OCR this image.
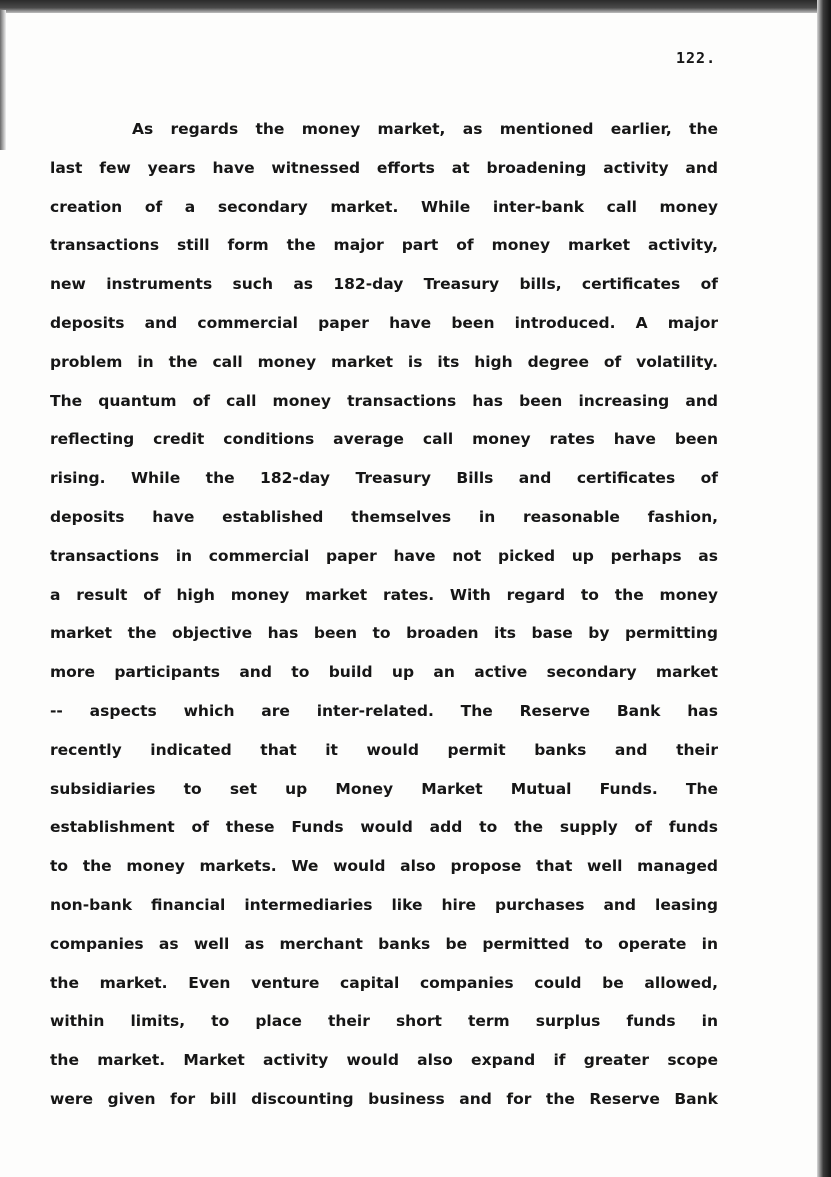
122.
As regards the money market, as mentioned earlier, the
last few years have witnessed efforts at broadening activity and
creation of a secondary market. While inter-bank call money
transactions still form the major part of money market activity,
new instruments such as 182-day Treasury bills, certificates of
deposits and commercial paper have been introduced. A major
problem in the call money market is its high degree of volatility.
The quantum of call money transactions has been increasing and
reflecting credit conditions average call money rates have been
rising. While the 182-day Treasury Bills and certificates of
deposits have established themselves in reasonable fashion,
transactions in commercial paper have not picked up perhaps as
a result of high money market rates. With regard to the money
market the objective has been to broaden its base by permitting
more participants and to build up an active secondary market
-- aspects which are inter-related. The Reserve Bank has
recently indicated that it would permit banks and their
subsidiaries to set up Money Market Mutual Funds. The
establishment of these Funds would add to the supply of funds
to the money markets. We would also propose that well managed
non-bank financial intermediaries like hire purchases and leasing
companies as well as merchant banks be permitted to operate in
the market. Even venture capital companies could be allowed,
within limits, to place their short term surplus funds in
the market. Market activity would also expand if greater scope
were given for bill discounting business and for the Reserve Bank
